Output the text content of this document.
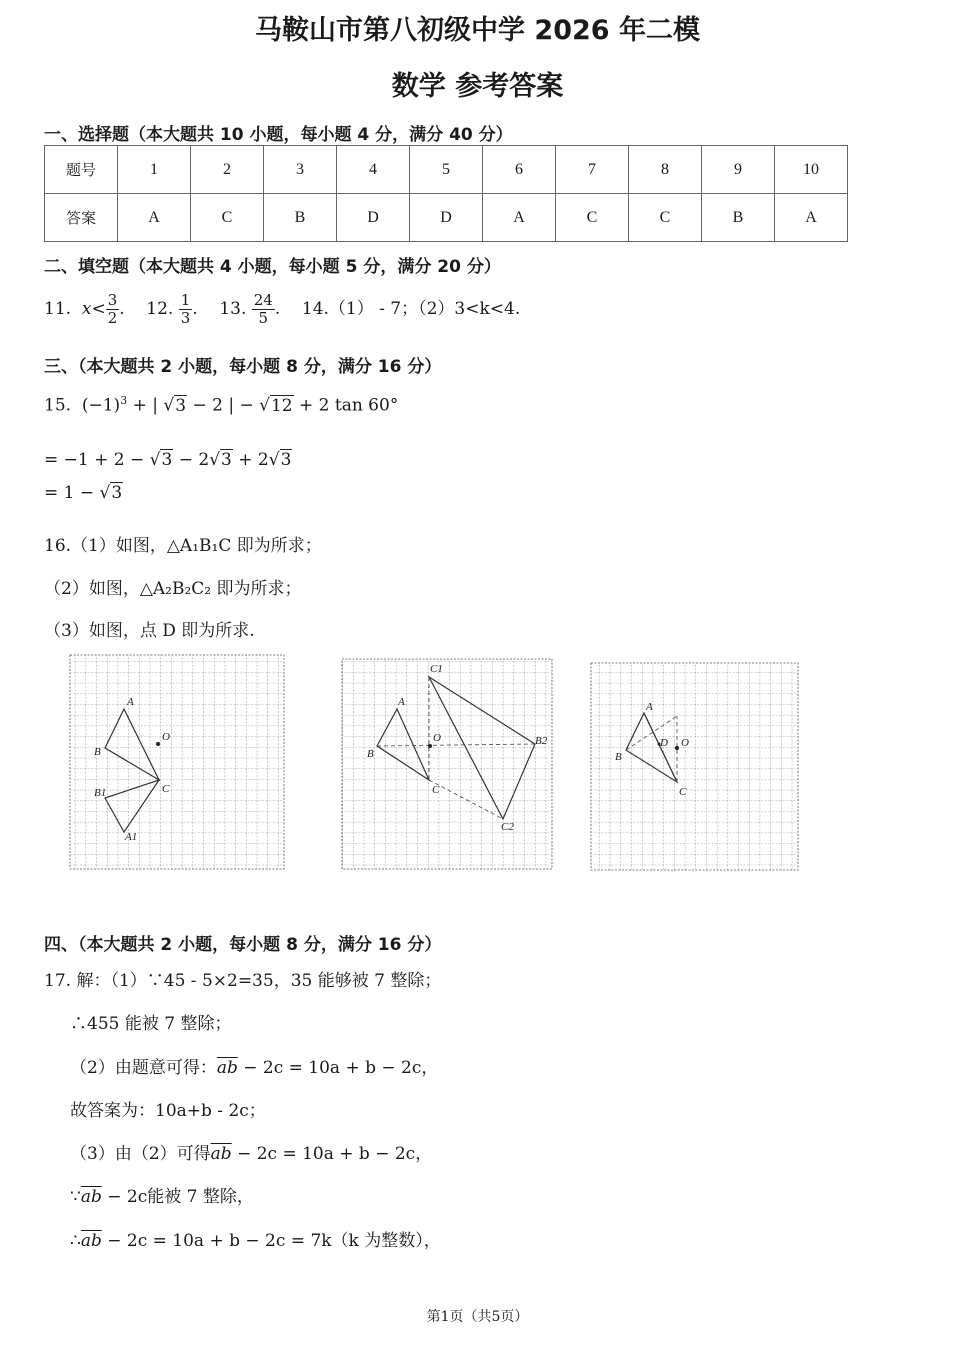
马鞍山市第八初级中学 2026 年二模
数学 参考答案
一、选择题（本大题共 10 小题，每小题 4 分，满分 40 分）
题号	1	2	3	4	5	6	7	8	9	10
答案	A	C	B	D	D	A	C	C	B	A
二、填空题（本大题共 4 小题，每小题 5 分，满分 20 分）
11. $x< \frac{3}{2}$ .    12. $\frac{1}{3}$ .    13. $\frac{24}{5}$ .    14.（1） - 7；（2）3<k<4.
三、（本大题共 2 小题，每小题 8 分，满分 16 分）
15. $(-1)^3$ + | √3 − 2 | − √12 + 2 tan 60°
= −1 + 2 − √3 − 2√3 + 2√3
= 1 − √3
16.（1）如图，△A₁B₁C 即为所求；
（2）如图，△A₂B₂C₂ 即为所求；
（3）如图，点 D 即为所求.
A
B
O
C
B1
A1
A
B
O
C
C1
B2
C2
A
B
D O
C
四、（本大题共 2 小题，每小题 8 分，满分 16 分）
17. 解：（1）∵45 - 5×2=35，35 能够被 7 整除；
∴455 能被 7 整除；
（2）由题意可得：$\overline{ab} - 2c = 10a + b - 2c$，
故答案为：10a+b - 2c；
（3）由（2）可得$\overline{ab} - 2c = 10a + b - 2c$，
$\because\overline{ab} - 2c$能被 7 整除，
$\therefore\overline{ab} - 2c = 10a + b - 2c = 7k(k$ 为整数），
第1页（共5页）
